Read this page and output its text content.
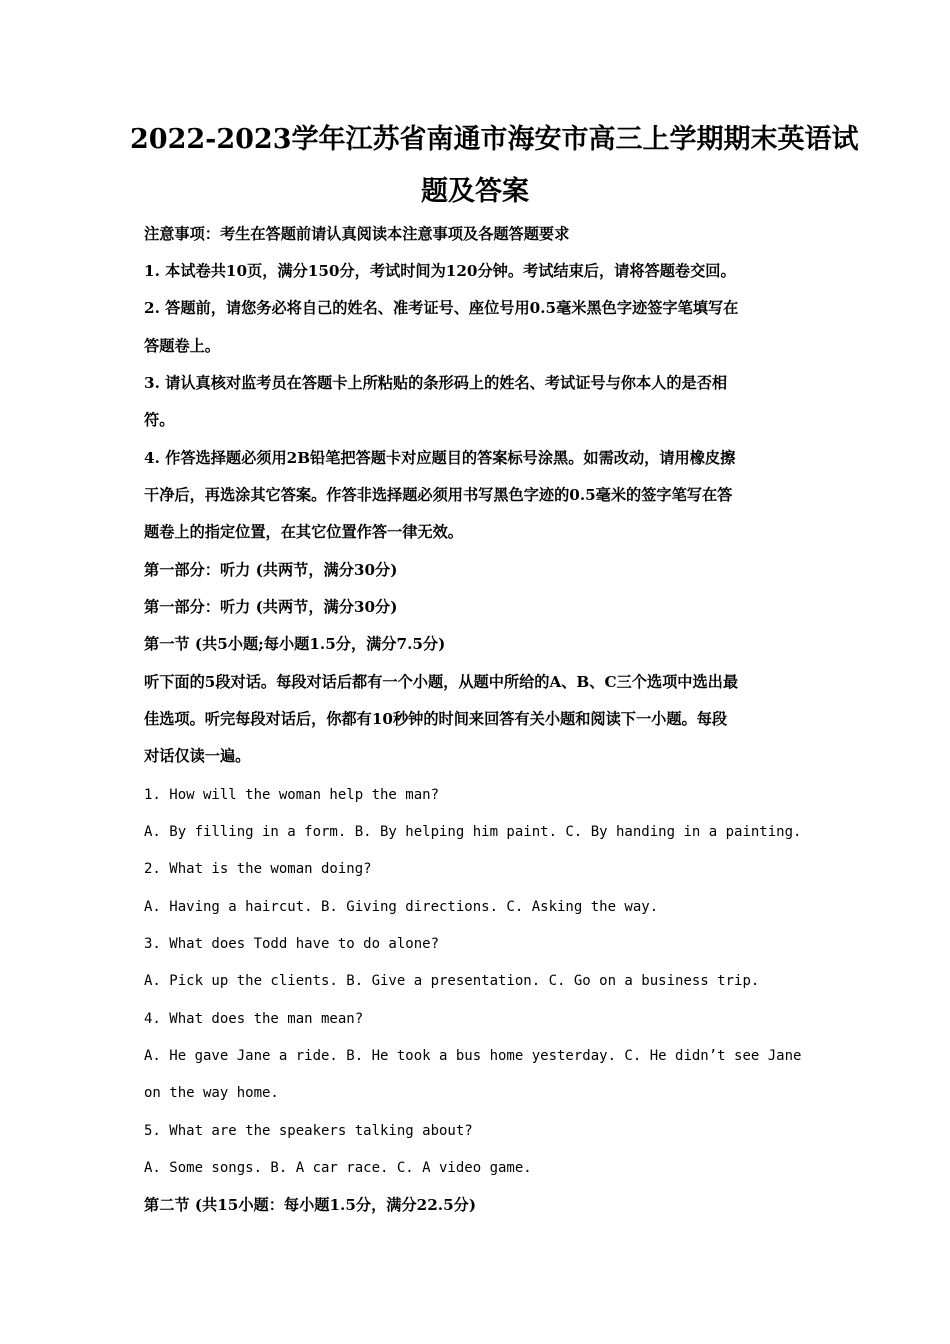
2022-2023学年江苏省南通市海安市高三上学期期末英语试
题及答案

注意事项：考生在答题前请认真阅读本注意事项及各题答题要求

1. 本试卷共10页，满分150分，考试时间为120分钟。考试结束后，请将答题卷交回。

2. 答题前，请您务必将自己的姓名、准考证号、座位号用0.5毫米黑色字迹签字笔填写在

答题卷上。

3. 请认真核对监考员在答题卡上所粘贴的条形码上的姓名、考试证号与你本人的是否相

符。

4. 作答选择题必须用2B铅笔把答题卡对应题目的答案标号涂黑。如需改动，请用橡皮擦

干净后，再选涂其它答案。作答非选择题必须用书写黑色字迹的0.5毫米的签字笔写在答

题卷上的指定位置，在其它位置作答一律无效。

第一部分：听力 (共两节，满分30分)

第一部分：听力 (共两节，满分30分)

第一节 (共5小题;每小题1.5分，满分7.5分)

听下面的5段对话。每段对话后都有一个小题，从题中所给的A、B、C三个选项中选出最

佳选项。听完每段对话后，你都有10秒钟的时间来回答有关小题和阅读下一小题。每段

对话仅读一遍。

1. How will the woman help the man?

A. By filling in a form. B. By helping him paint. C. By handing in a painting.

2. What is the woman doing?

A. Having a haircut. B. Giving directions. C. Asking the way.

3. What does Todd have to do alone?

A. Pick up the clients. B. Give a presentation. C. Go on a business trip.

4. What does the man mean?

A. He gave Jane a ride. B. He took a bus home yesterday. C. He didn’t see Jane

on the way home.

5. What are the speakers talking about?

A. Some songs. B. A car race. C. A video game.

第二节 (共15小题：每小题1.5分，满分22.5分)
